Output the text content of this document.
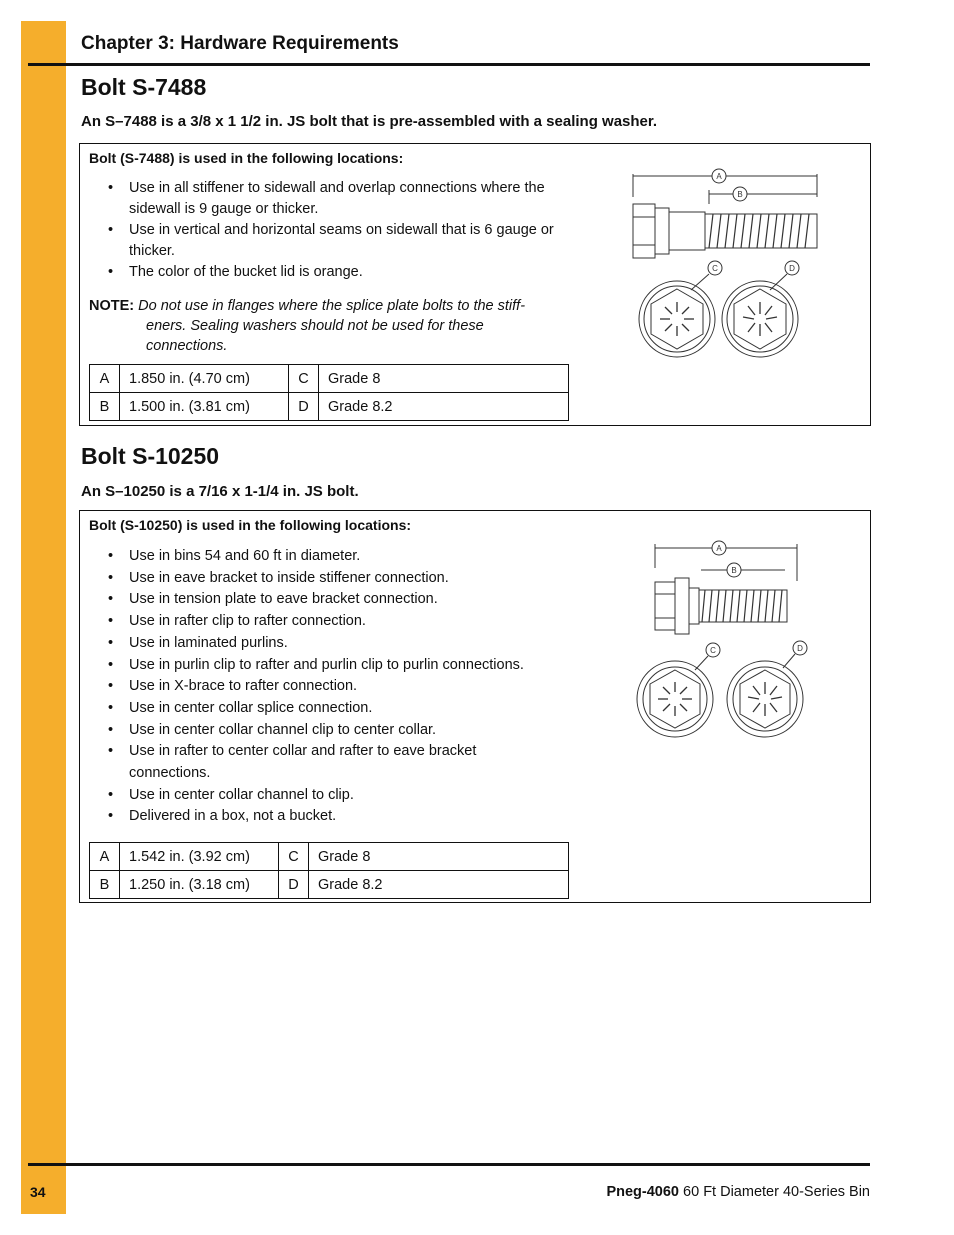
Chapter 3: Hardware Requirements
Bolt S-7488
An S–7488 is a 3/8 x 1 1/2 in. JS bolt that is pre-assembled with a sealing washer.
Bolt (S-7488) is used in the following locations:
• Use in all stiffener to sidewall and overlap connections where the sidewall is 9 gauge or thicker.
• Use in vertical and horizontal seams on sidewall that is 6 gauge or thicker.
• The color of the bucket lid is orange.
NOTE: Do not use in flanges where the splice plate bolts to the stiff-
eners. Sealing washers should not be used for these
connections.
A	1.850 in. (4.70 cm)	C	Grade 8
B	1.500 in. (3.81 cm)	D	Grade 8.2
A
B
C	D
Bolt S-10250
An S–10250 is a 7/16 x 1-1/4 in. JS bolt.
Bolt (S-10250) is used in the following locations:
• Use in bins 54 and 60 ft in diameter.
• Use in eave bracket to inside stiffener connection.
• Use in tension plate to eave bracket connection.
• Use in rafter clip to rafter connection.
• Use in laminated purlins.
• Use in purlin clip to rafter and purlin clip to purlin connections.
• Use in X-brace to rafter connection.
• Use in center collar splice connection.
• Use in center collar channel clip to center collar.
• Use in rafter to center collar and rafter to eave bracket connections.
• Use in center collar channel to clip.
• Delivered in a box, not a bucket.
A	1.542 in. (3.92 cm)	C	Grade 8
B	1.250 in. (3.18 cm)	D	Grade 8.2
A
B
C	D
34	Pneg-4060 60 Ft Diameter 40-Series Bin
